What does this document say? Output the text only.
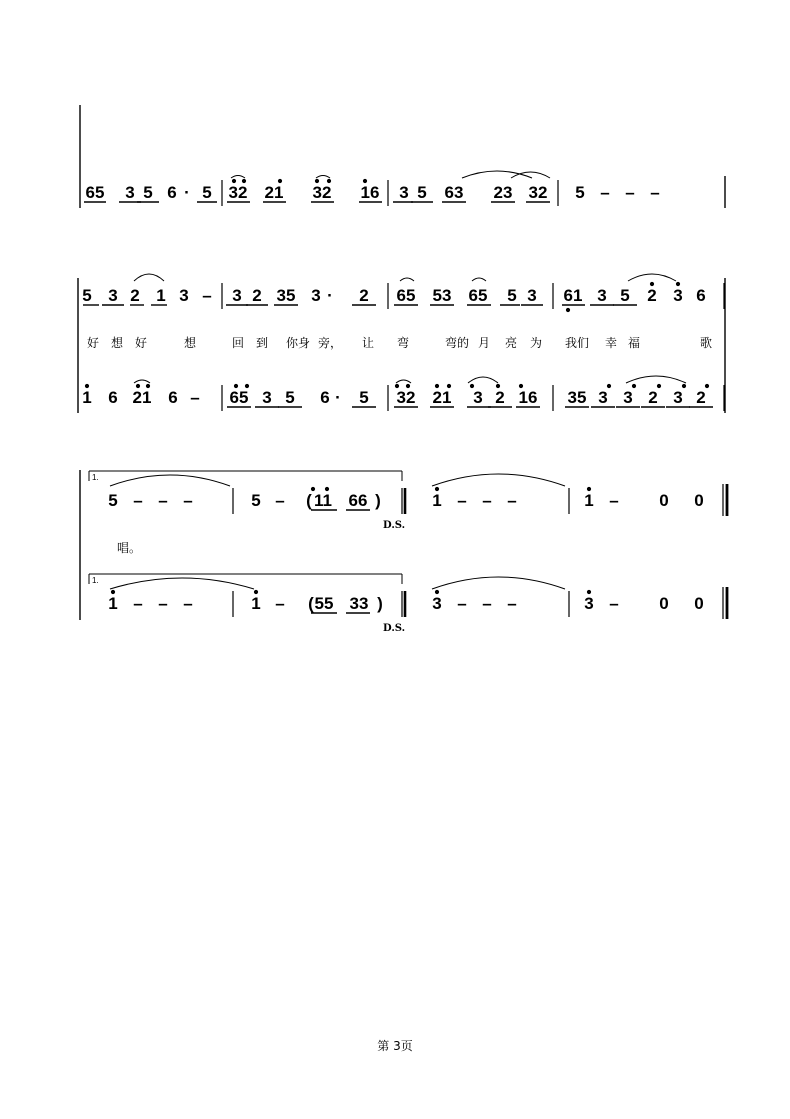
65 3 5 6 · 5 32 21 32 16 3 5 63 23 32 5 – – –
5 3 2 1 3 – 3 2 35 3 · 2 65 53 65 5 3 61 3 5 2 3 6
好 想 好	想	回 到 你身 旁， 让 弯	弯的 月 亮 为 我们 幸 福	歌
1 6 21 6 – 65 3 5 6 · 5 32 21 3 2 16 35 3 3 2 3 2
5 – – –	5 – ( 11 66 )	1 – – –	1 – 0 0
1.
D.S.
唱。
1 – – –	1 – ( 55 33 )	3 – – –	3 – 0 0
1.
D.S.
第 3页
